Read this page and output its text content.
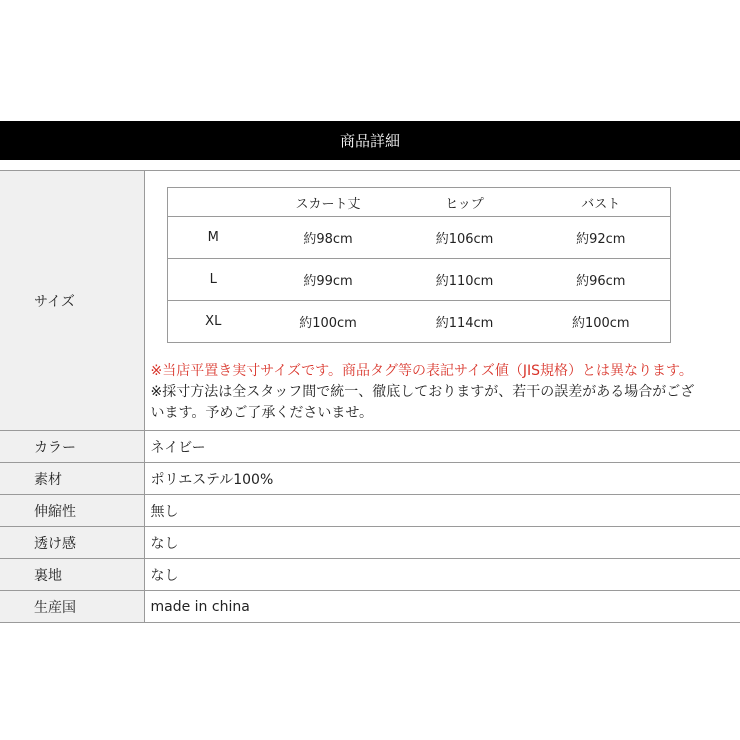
商品詳細
サイズ	
	スカート丈	ヒップ	バスト
M	約98cm	約106cm	約92cm
L	約99cm	約110cm	約96cm
XL	約100cm	約114cm	約100cm
※当店平置き実寸サイズです。商品タグ等の表記サイズ値（JIS規格）とは異なります。
※採寸方法は全スタッフ間で統一、徹底しておりますが、若干の誤差がある場合がござ
います。予めご了承くださいませ。

カラー	ネイビー
素材	ポリエステル100%
伸縮性	無し
透け感	なし
裏地	なし
生産国	made in china
